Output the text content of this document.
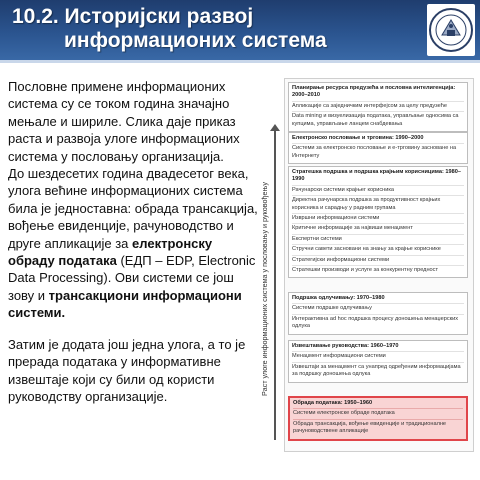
10.2. Историјски развој
информационих система

Пословне примене информационих система су се током година значајно мењале и шириле. Слика даје приказ раста и развоја улоге информационих система у пословању организација.

До шездесетих година двадесетог века, улога већине информационих система била је једноставна: обрада трансакција, вођење евиденције, рачуноводство и друге апликације за електронску обраду података (ЕДП – EDP, Electronic Data Processing). Ови системи се још зову и трансакциони информациони системи.

Затим је додата још једна улога, а то је прерада података у информативне извештаје који су били од користи руководству организације.

Раст улоге информационих система у пословању и руковођењу
Планирање ресурса предузећа и пословна интелигенција: 2000–2010
Апликације са заједничким интерфејсом за целу предузеће
Data mining и визуелизација података, управљање односима са купцима, управљање ланцем снабдевања
Електронско пословање и трговина: 1990–2000
Системи за електронско пословање и е-трговину засноване на Интернету
Стратешка подршка и подршка крајњим корисницима: 1980–1990
Рачунарски системи крајњег корисника
Директна рачунарска подршка за продуктивност крајњих корисника и сарадњу у радним групама
Извршни информациони системи
Критичне информације за највиши менаџмент
Експертни системи
Стручни савети засновани на знању за крајње кориснике
Стратегијски информациони системи
Стратешки производи и услуге за конкурентну предност
Подршка одлучивању: 1970–1980
Системи подршке одлучивању
Интерактивна ad hoc подршка процесу доношења менаџерских одлука
Извештавање руководства: 1960–1970
Менаџмент информациони системи
Извештаји за менаџмент са унапред одређеним информацијама за подршку доношења одлука
Обрада података: 1950–1960
Системи електронске обраде података
Обрада трансакција, вођење евиденције и традиционалне рачуноводствене апликације
